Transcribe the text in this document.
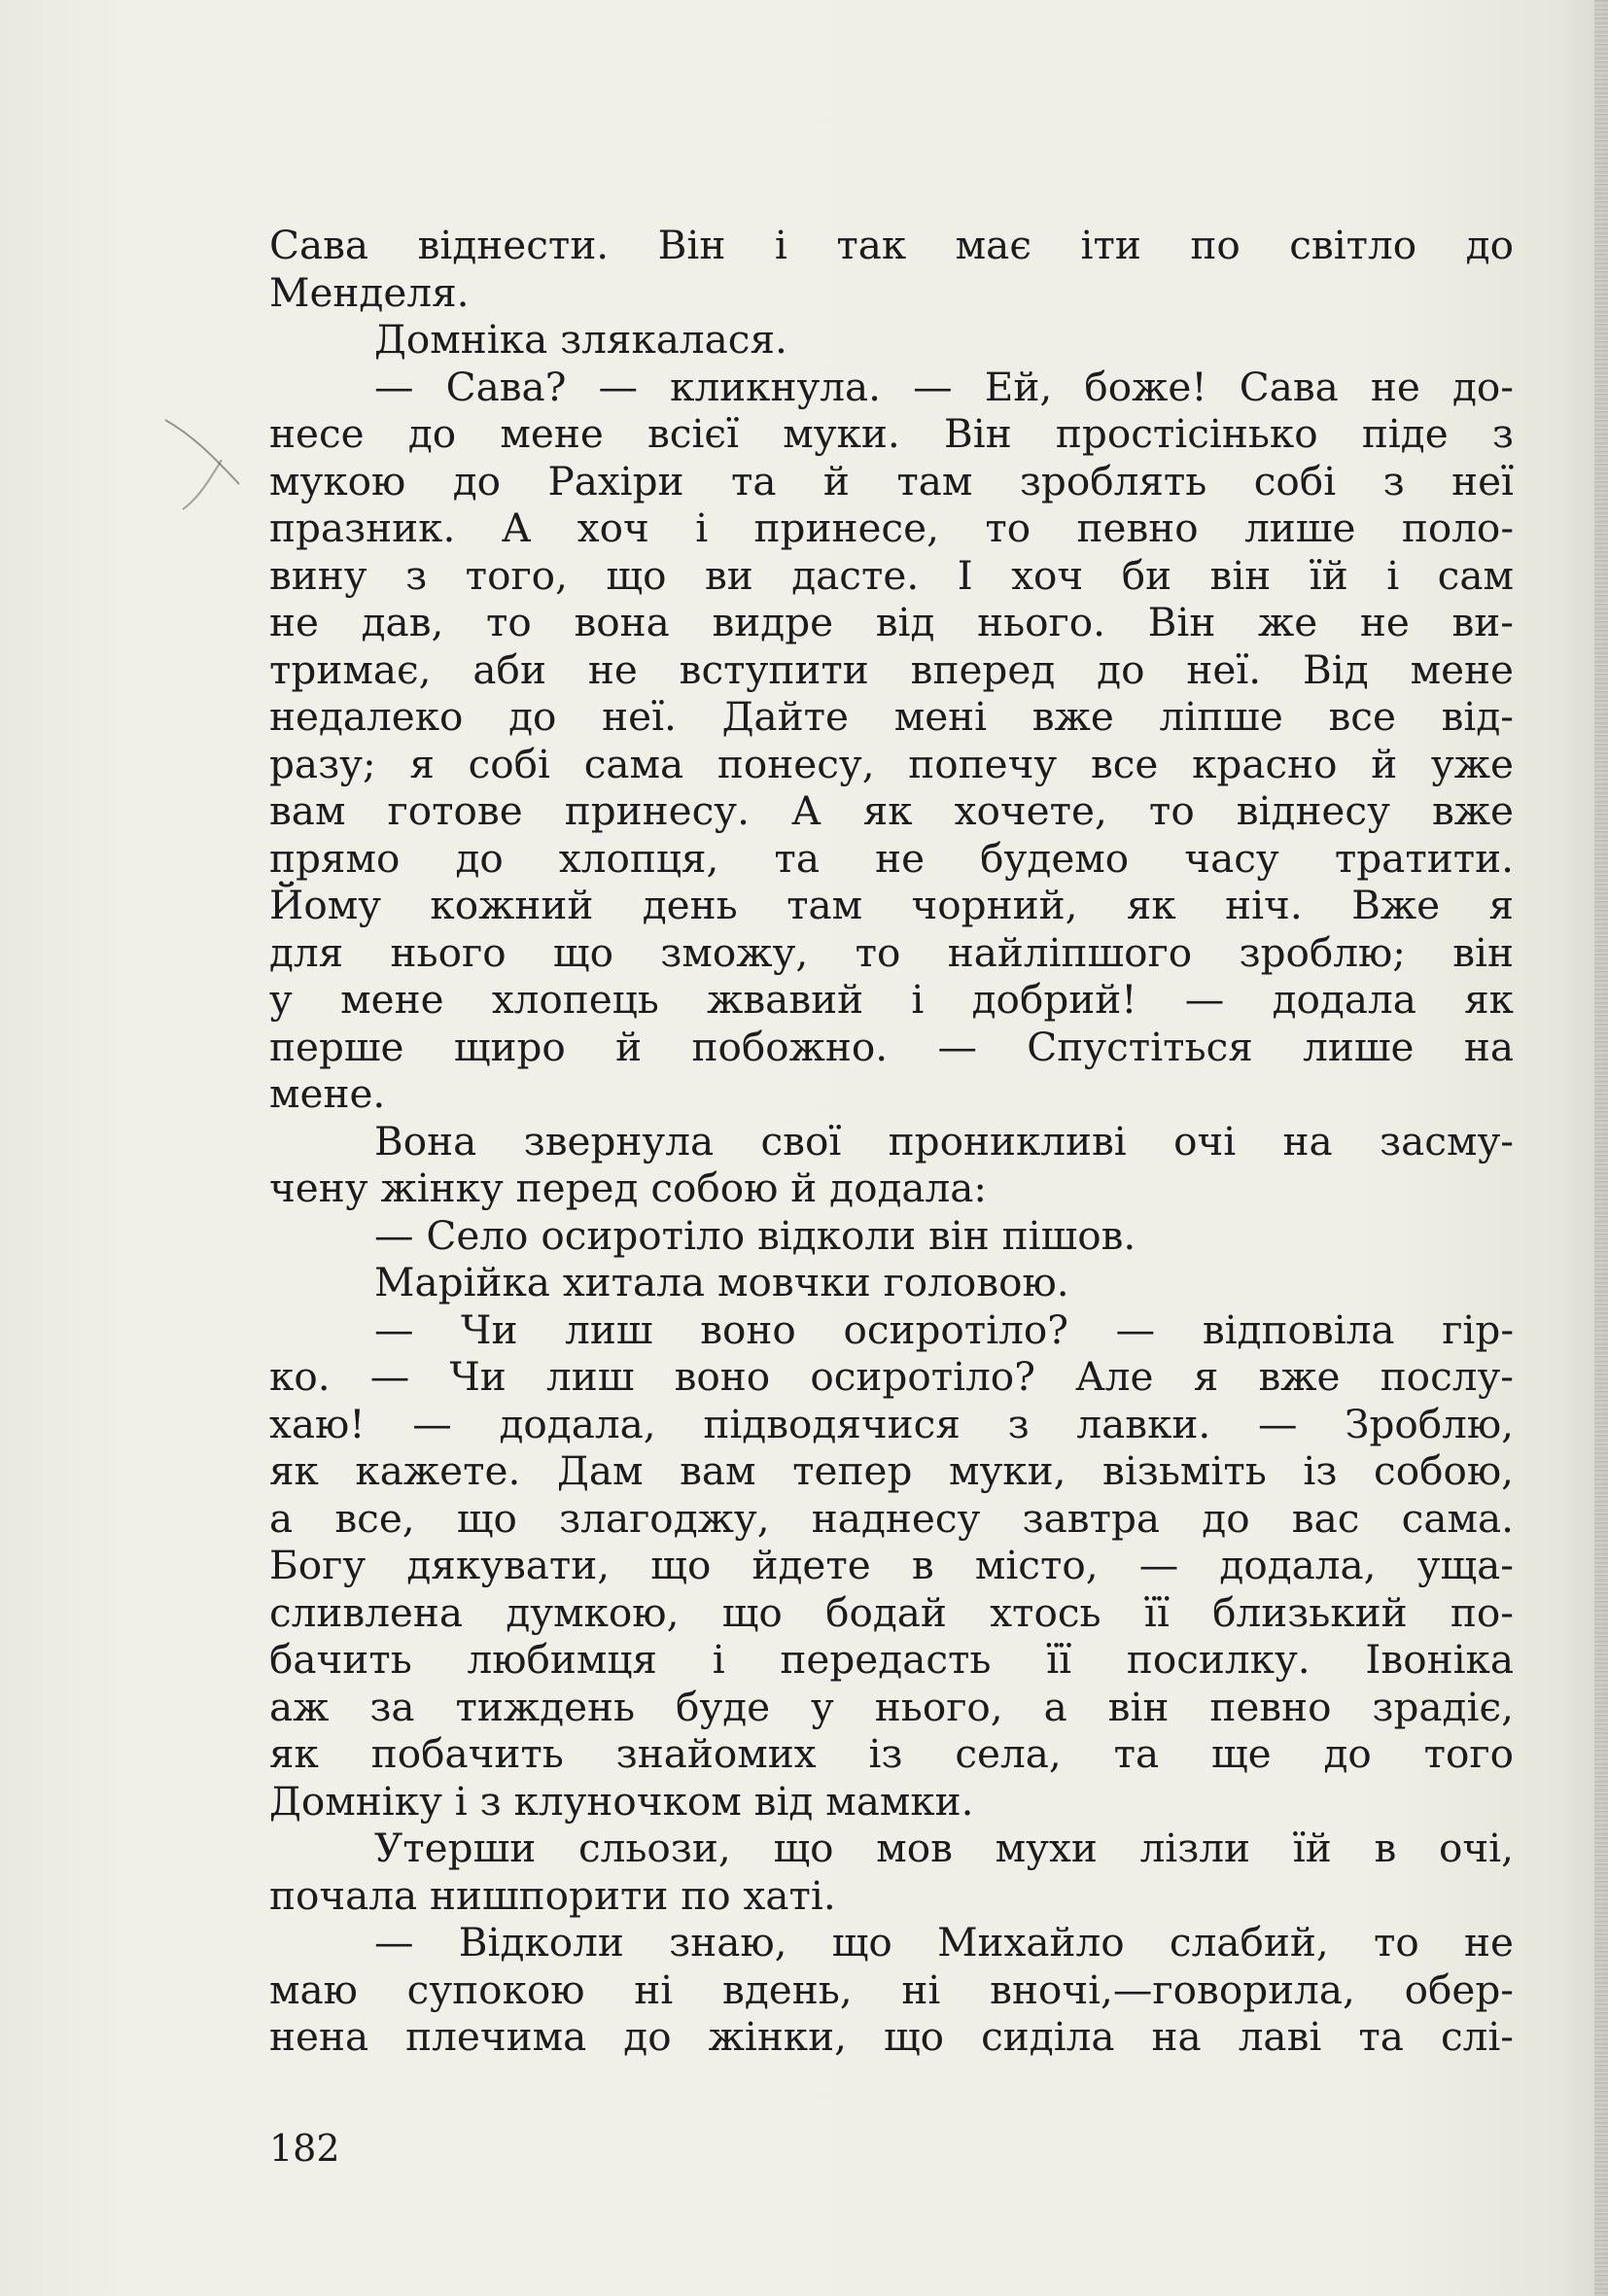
Сава віднести. Він і так має іти по світло до
Менделя.
Домніка злякалася.
— Сава? — кликнула. — Ей, боже! Сава не до-
несе до мене всієї муки. Він простісінько піде з
мукою до Рахіри та й там зроблять собі з неї
празник. А хоч і принесе, то певно лише поло-
вину з того, що ви дасте. І хоч би він їй і сам
не дав, то вона видре від нього. Він же не ви-
тримає, аби не вступити вперед до неї. Від мене
недалеко до неї. Дайте мені вже ліпше все від-
разу; я собі сама понесу, попечу все красно й уже
вам готове принесу. А як хочете, то віднесу вже
прямо до хлопця, та не будемо часу тратити.
Йому кожний день там чорний, як ніч. Вже я
для нього що зможу, то найліпшого зроблю; він
у мене хлопець жвавий і добрий! — додала як
перше щиро й побожно. — Спустіться лише на
мене.
Вона звернула свої проникливі очі на засму-
чену жінку перед собою й додала:
— Село осиротіло відколи він пішов.
Марійка хитала мовчки головою.
— Чи лиш воно осиротіло? — відповіла гір-
ко. — Чи лиш воно осиротіло? Але я вже послу-
хаю! — додала, підводячися з лавки. — Зроблю,
як кажете. Дам вам тепер муки, візьміть із собою,
а все, що злагоджу, наднесу завтра до вас сама.
Богу дякувати, що йдете в місто, — додала, уща-
сливлена думкою, що бодай хтось її близький по-
бачить любимця і передасть її посилку. Івоніка
аж за тиждень буде у нього, а він певно зрадіє,
як побачить знайомих із села, та ще до того
Домніку і з клуночком від мамки.
Утерши сльози, що мов мухи лізли їй в очі,
почала нишпорити по хаті.
— Відколи знаю, що Михайло слабий, то не
маю супокою ні вдень, ні вночі,—говорила, обер-
нена плечима до жінки, що сиділа на лаві та слі-
182
